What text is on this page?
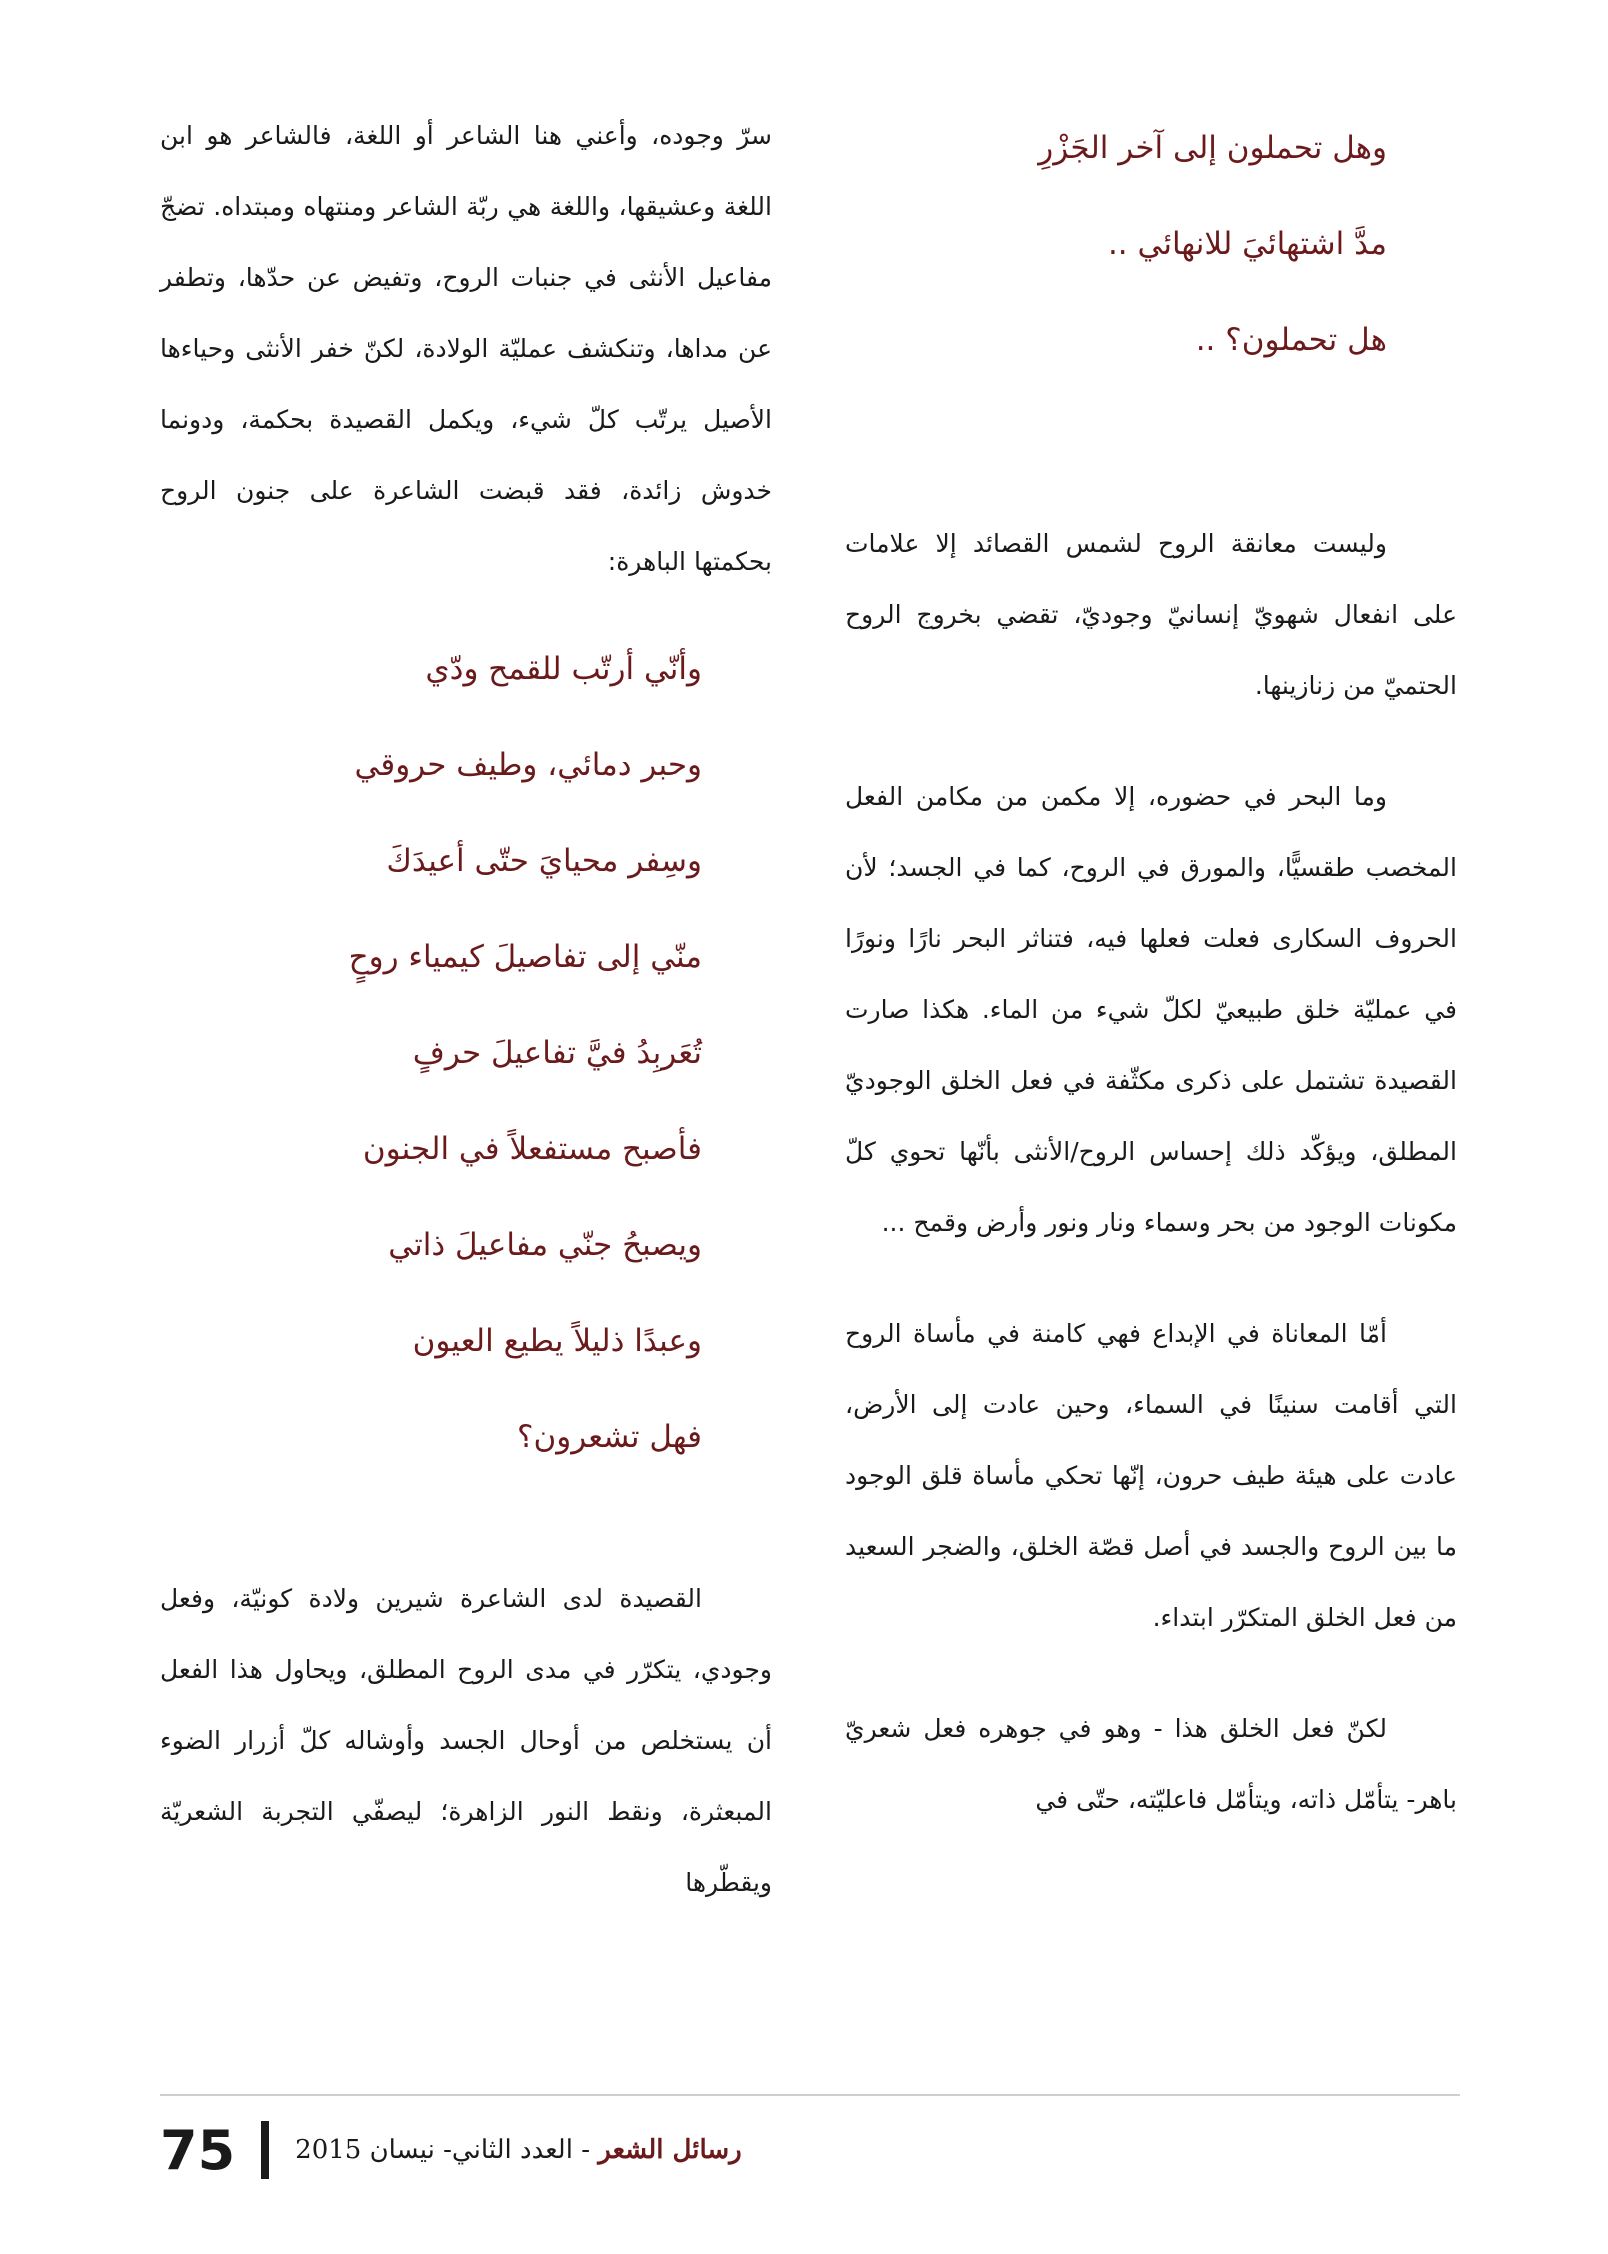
وهل تحملون إلى آخر الجَزْرِ
مدَّ اشتهائيَ للانهائي ..
هل تحملون؟ ..

وليست معانقة الروح لشمس القصائد إلا علامات على انفعال شهويّ إنسانيّ وجوديّ، تقضي بخروج الروح الحتميّ من زنازينها.

وما البحر في حضوره، إلا مكمن من مكامن الفعل المخصب طقسيًّا، والمورق في الروح، كما في الجسد؛ لأن الحروف السكارى فعلت فعلها فيه، فتناثر البحر نارًا ونورًا في عمليّة خلق طبيعيّ لكلّ شيء من الماء. هكذا صارت القصيدة تشتمل على ذكرى مكثّفة في فعل الخلق الوجوديّ المطلق، ويؤكّد ذلك إحساس الروح/الأنثى بأنّها تحوي كلّ مكونات الوجود من بحر وسماء ونار ونور وأرض وقمح ...

أمّا المعاناة في الإبداع فهي كامنة في مأساة الروح التي أقامت سنينًا في السماء، وحين عادت إلى الأرض، عادت على هيئة طيف حرون، إنّها تحكي مأساة قلق الوجود ما بين الروح والجسد في أصل قصّة الخلق، والضجر السعيد من فعل الخلق المتكرّر ابتداء.

لكنّ فعل الخلق هذا - وهو في جوهره فعل شعريّ باهر- يتأمّل ذاته، ويتأمّل فاعليّته، حتّى في

سرّ وجوده، وأعني هنا الشاعر أو اللغة، فالشاعر هو ابن اللغة وعشيقها، واللغة هي ربّة الشاعر ومنتهاه ومبتداه. تضجّ مفاعيل الأنثى في جنبات الروح، وتفيض عن حدّها، وتطفر عن مداها، وتنكشف عمليّة الولادة، لكنّ خفر الأنثى وحياءها الأصيل يرتّب كلّ شيء، ويكمل القصيدة بحكمة، ودونما خدوش زائدة، فقد قبضت الشاعرة على جنون الروح بحكمتها الباهرة:

وأنّي أرتّب للقمح ودّي
وحبر دمائي، وطيف حروقي
وسِفر محيايَ حتّى أعيدَكَ
منّي إلى تفاصيلَ كيمياء روحٍ
تُعَربِدُ فيَّ تفاعيلَ حرفٍ
فأصبح مستفعلاً في الجنون
ويصبحُ جنّي مفاعيلَ ذاتي
وعبدًا ذليلاً يطيع العيون
فهل تشعرون؟

القصيدة لدى الشاعرة شيرين ولادة كونيّة، وفعل وجودي، يتكرّر في مدى الروح المطلق، ويحاول هذا الفعل أن يستخلص من أوحال الجسد وأوشاله كلّ أزرار الضوء المبعثرة، ونقط النور الزاهرة؛ ليصفّي التجربة الشعريّة ويقطّرها

75	رسائل الشعر - العدد الثاني- نيسان 2015
